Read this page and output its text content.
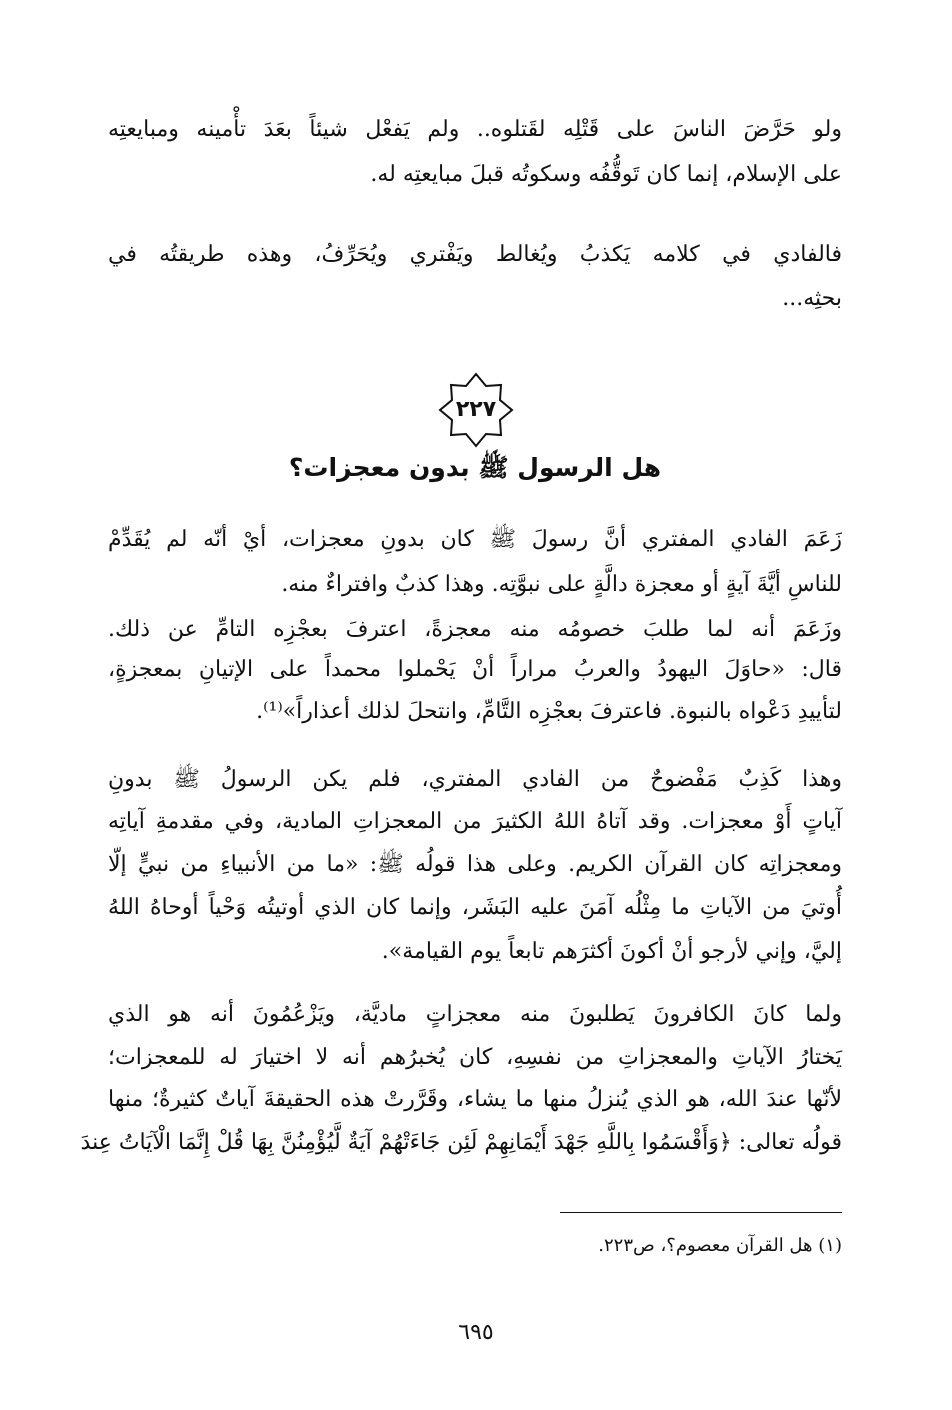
ولو حَرَّضَ الناسَ على قَتْلِه لقَتلوه.. ولم يَفعْل شيئاً بعَدَ تأْمينه ومبايعتِه
على الإسلام، إنما كان تَوقُّفُه وسكوتُه قبلَ مبايعتِه له.
فالفادي في كلامه يَكذبُ ويُغالط ويَفْتري ويُحَرِّفُ، وهذه طريقتُه في
بحثِه...
٢٢٧
هل الرسول ﷺ بدون معجزات؟
زَعَمَ الفادي المفتري أنَّ رسولَ ﷺ كان بدونِ معجزات، أيْ أنّه لم يُقَدِّمْ
للناسِ أيَّةَ آيةٍ أو معجزة دالَّةٍ على نبوَّتِه. وهذا كذبٌ وافتراءٌ منه.
وزَعَمَ أنه لما طلبَ خصومُه منه معجزةً، اعترفَ بعجْزِه التامِّ عن ذلك.
قال: «حاوَلَ اليهودُ والعربُ مراراً أنْ يَحْملوا محمداً على الإتيانِ بمعجزةٍ،
لتأييدِ دَعْواه بالنبوة. فاعترفَ بعجْزِه التَّامِّ، وانتحلَ لذلك أعذاراً»⁽¹⁾.
وهذا كَذِبٌ مَفْضوحٌ من الفادي المفتري، فلم يكن الرسولُ ﷺ بدونِ
آياتٍ أَوْ معجزات. وقد آتاهُ اللهُ الكثيرَ من المعجزاتِ المادية، وفي مقدمةِ آياتِه
ومعجزاتِه كان القرآن الكريم. وعلى هذا قولُه ﷺ: «ما من الأنبياءِ من نبيٍّ إلّا
أُوتيَ من الآياتِ ما مِثْلُه آمَنَ عليه البَشَر، وإنما كان الذي أوتيتُه وَحْياً أوحاهُ اللهُ
إليَّ، وإني لأرجو أنْ أكونَ أكثرَهم تابعاً يوم القيامة».
ولما كانَ الكافرونَ يَطلبونَ منه معجزاتٍ ماديَّة، ويَزْعُمُونَ أنه هو الذي
يَختارُ الآياتِ والمعجزاتِ من نفسِهِ، كان يُخبرُهم أنه لا اختيارَ له للمعجزات؛
لأنّها عندَ الله، هو الذي يُنزلُ منها ما يشاء، وقَرَّرتْ هذه الحقيقةَ آياتٌ كثيرةٌ؛ منها
قولُه تعالى: ﴿وَأَقْسَمُوا بِاللَّهِ جَهْدَ أَيْمَانِهِمْ لَئِن جَاءَتْهُمْ آيَةٌ لَّيُؤْمِنُنَّ بِهَا قُلْ إِنَّمَا الْآيَاتُ عِندَ
(١) هل القرآن معصوم؟، ص٢٢٣.
٦٩٥
